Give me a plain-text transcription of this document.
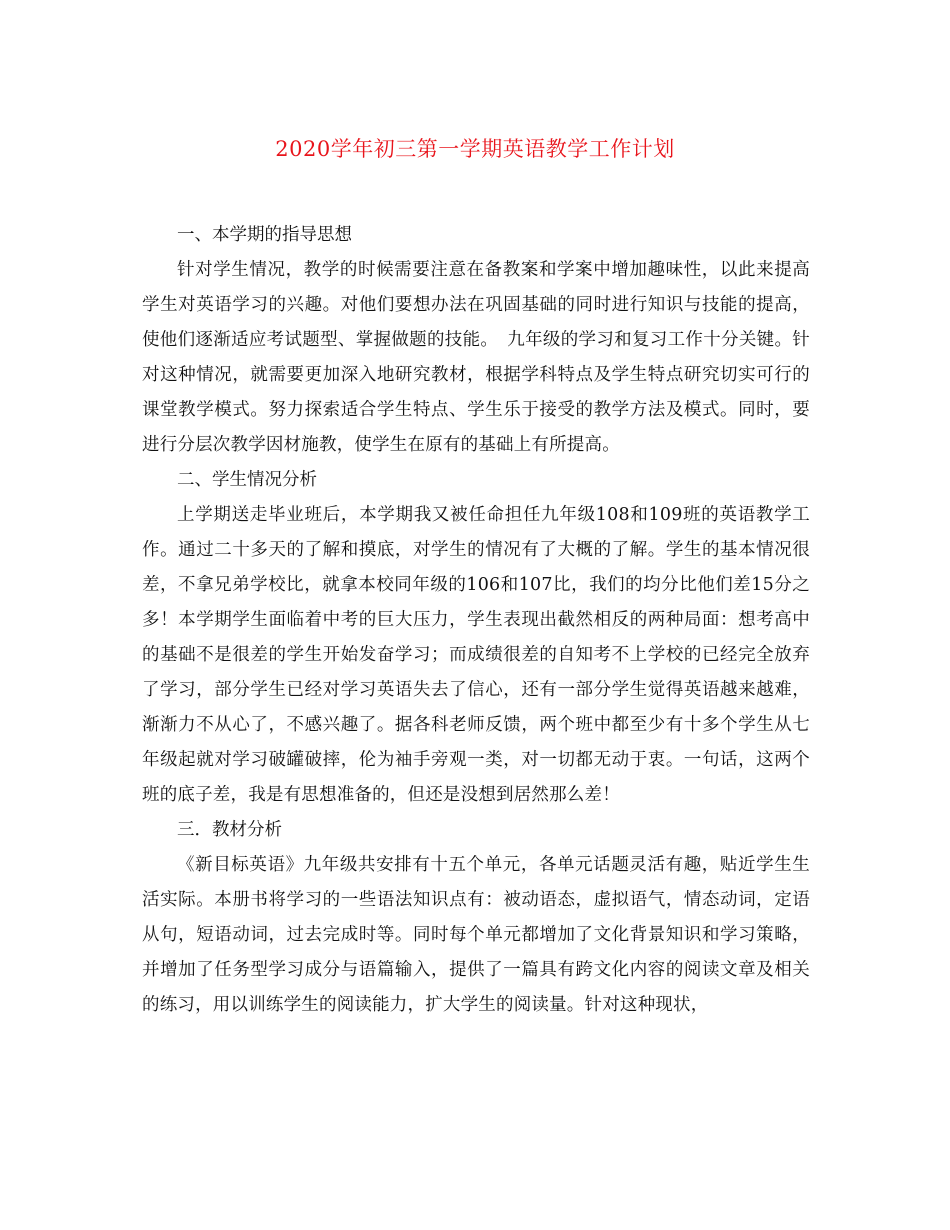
2020学年初三第一学期英语教学工作计划

一、本学期的指导思想

针对学生情况，教学的时候需要注意在备教案和学案中增加趣味性，以此来提高学生对英语学习的兴趣。对他们要想办法在巩固基础的同时进行知识与技能的提高，使他们逐渐适应考试题型、掌握做题的技能。　九年级的学习和复习工作十分关键。针对这种情况，就需要更加深入地研究教材，根据学科特点及学生特点研究切实可行的课堂教学模式。努力探索适合学生特点、学生乐于接受的教学方法及模式。同时，要进行分层次教学因材施教，使学生在原有的基础上有所提高。

二、学生情况分析

上学期送走毕业班后，本学期我又被任命担任九年级108和109班的英语教学工作。通过二十多天的了解和摸底，对学生的情况有了大概的了解。学生的基本情况很差，不拿兄弟学校比，就拿本校同年级的106和107比，我们的均分比他们差15分之多！本学期学生面临着中考的巨大压力，学生表现出截然相反的两种局面：想考高中的基础不是很差的学生开始发奋学习；而成绩很差的自知考不上学校的已经完全放弃了学习，部分学生已经对学习英语失去了信心，还有一部分学生觉得英语越来越难，渐渐力不从心了，不感兴趣了。据各科老师反馈，两个班中都至少有十多个学生从七年级起就对学习破罐破摔，伦为袖手旁观一类，对一切都无动于衷。一句话，这两个班的底子差，我是有思想准备的，但还是没想到居然那么差！

三．教材分析

《新目标英语》九年级共安排有十五个单元，各单元话题灵活有趣，贴近学生生活实际。本册书将学习的一些语法知识点有：被动语态，虚拟语气，情态动词，定语从句，短语动词，过去完成时等。同时每个单元都增加了文化背景知识和学习策略，并增加了任务型学习成分与语篇输入，提供了一篇具有跨文化内容的阅读文章及相关的练习，用以训练学生的阅读能力，扩大学生的阅读量。针对这种现状，
